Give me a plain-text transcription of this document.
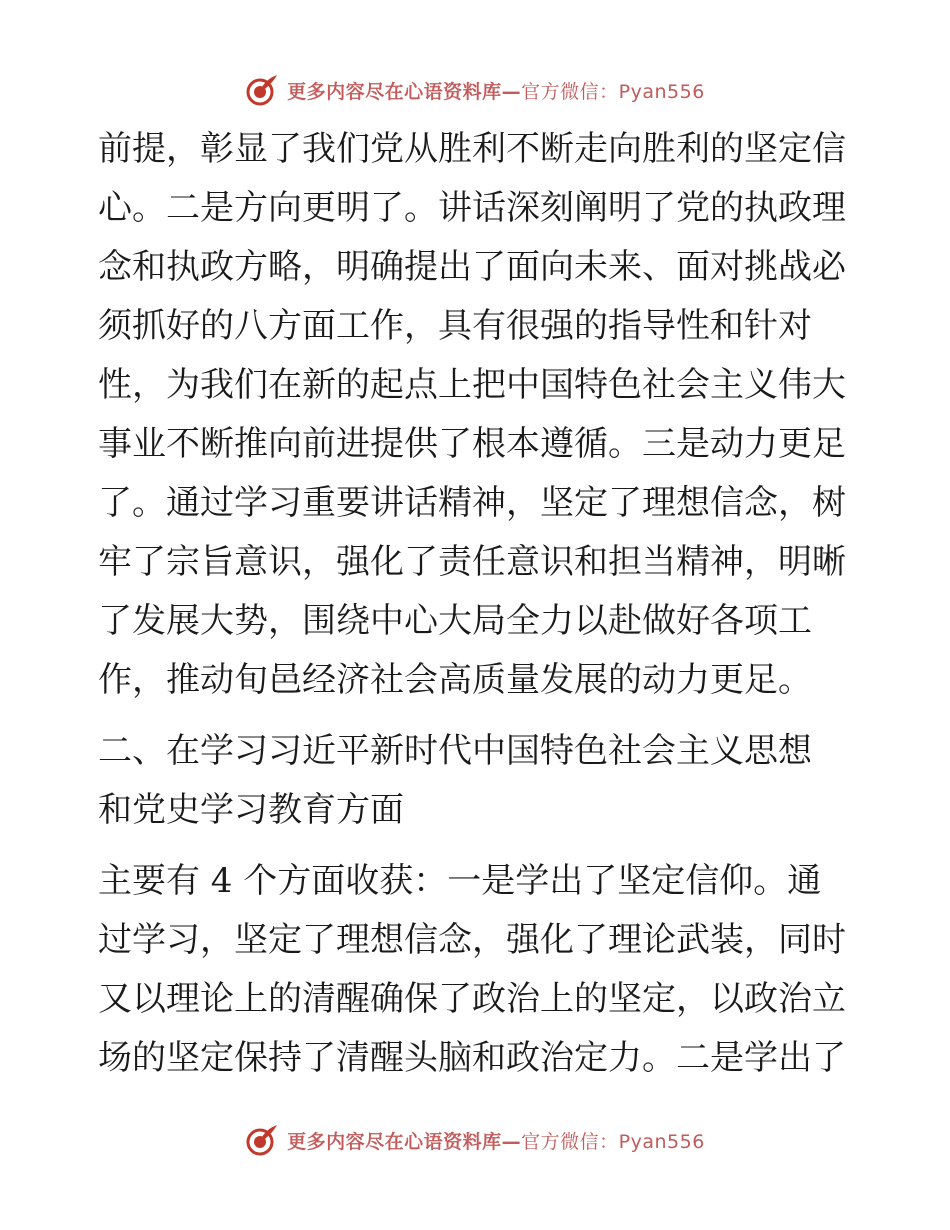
更多内容尽在心语资料库—官方微信：Pyan556
前提，彰显了我们党从胜利不断走向胜利的坚定信
心。二是方向更明了。讲话深刻阐明了党的执政理
念和执政方略，明确提出了面向未来、面对挑战必
须抓好的八方面工作，具有很强的指导性和针对
性，为我们在新的起点上把中国特色社会主义伟大
事业不断推向前进提供了根本遵循。三是动力更足
了。通过学习重要讲话精神，坚定了理想信念，树
牢了宗旨意识，强化了责任意识和担当精神，明晰
了发展大势，围绕中心大局全力以赴做好各项工
作，推动旬邑经济社会高质量发展的动力更足。
二、在学习习近平新时代中国特色社会主义思想
和党史学习教育方面
主要有 4 个方面收获：一是学出了坚定信仰。通
过学习，坚定了理想信念，强化了理论武装，同时
又以理论上的清醒确保了政治上的坚定，以政治立
场的坚定保持了清醒头脑和政治定力。二是学出了
更多内容尽在心语资料库—官方微信：Pyan556
